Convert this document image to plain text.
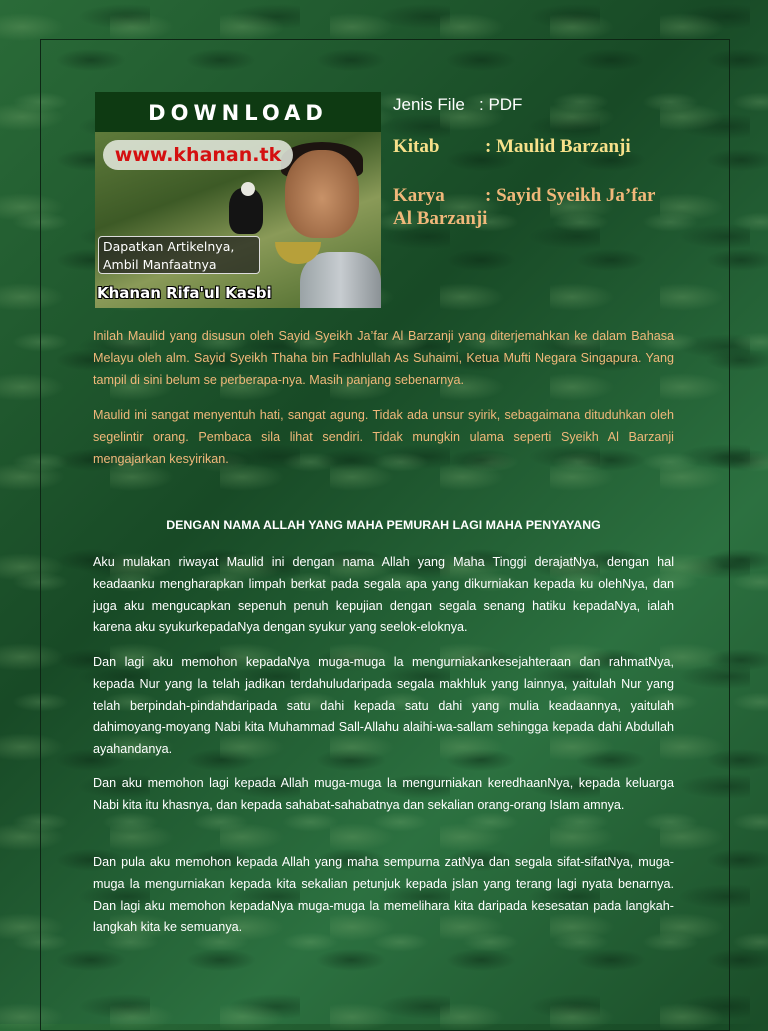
DOWNLOAD
www.khanan.tk
Dapatkan Artikelnya,
Ambil Manfaatnya
Khanan Rifa'ul Kasbi
Jenis File : PDF
Kitab : Maulid Barzanji
Karya : Sayid Syeikh Ja’far
Al Barzanji

Inilah Maulid yang disusun oleh Sayid Syeikh Ja’far Al Barzanji yang diterjemahkan ke dalam Bahasa Melayu oleh alm. Sayid Syeikh Thaha bin Fadhlullah As Suhaimi, Ketua Mufti Negara Singapura. Yang tampil di sini belum se perberapa-nya. Masih panjang sebenarnya.

Maulid ini sangat menyentuh hati, sangat agung. Tidak ada unsur syirik, sebagaimana dituduhkan oleh segelintir orang. Pembaca sila lihat sendiri. Tidak mungkin ulama seperti Syeikh Al Barzanji mengajarkan kesyirikan.

DENGAN NAMA ALLAH YANG MAHA PEMURAH LAGI MAHA PENYAYANG

Aku mulakan riwayat Maulid ini dengan nama Allah yang Maha Tinggi derajatNya, dengan hal keadaanku mengharapkan limpah berkat pada segala apa yang dikurniakan kepada ku olehNya, dan juga aku mengucapkan sepenuh penuh kepujian dengan segala senang hatiku kepadaNya, ialah karena aku syukurkepadaNya dengan syukur yang seelok-eloknya.

Dan lagi aku memohon kepadaNya muga-muga la mengurniakankesejahteraan dan rahmatNya, kepada Nur yang la telah jadikan terdahuludaripada segala makhluk yang lainnya, yaitulah Nur yang telah berpindah-pindahdaripada satu dahi kepada satu dahi yang mulia keadaannya, yaitulah dahimoyang-moyang Nabi kita Muhammad Sall-Allahu alaihi-wa-sallam sehingga kepada dahi Abdullah ayahandanya.

Dan aku memohon lagi kepada Allah muga-muga la mengurniakan keredhaanNya, kepada keluarga Nabi kita itu khasnya, dan kepada sahabat-sahabatnya dan sekalian orang-orang Islam amnya.

Dan pula aku memohon kepada Allah yang maha sempurna zatNya dan segala sifat-sifatNya, muga-muga la mengurniakan kepada kita sekalian petunjuk kepada jslan yang terang lagi nyata benarnya. Dan lagi aku memohon kepadaNya muga-muga la memelihara kita daripada kesesatan pada langkah-langkah kita ke semuanya.
